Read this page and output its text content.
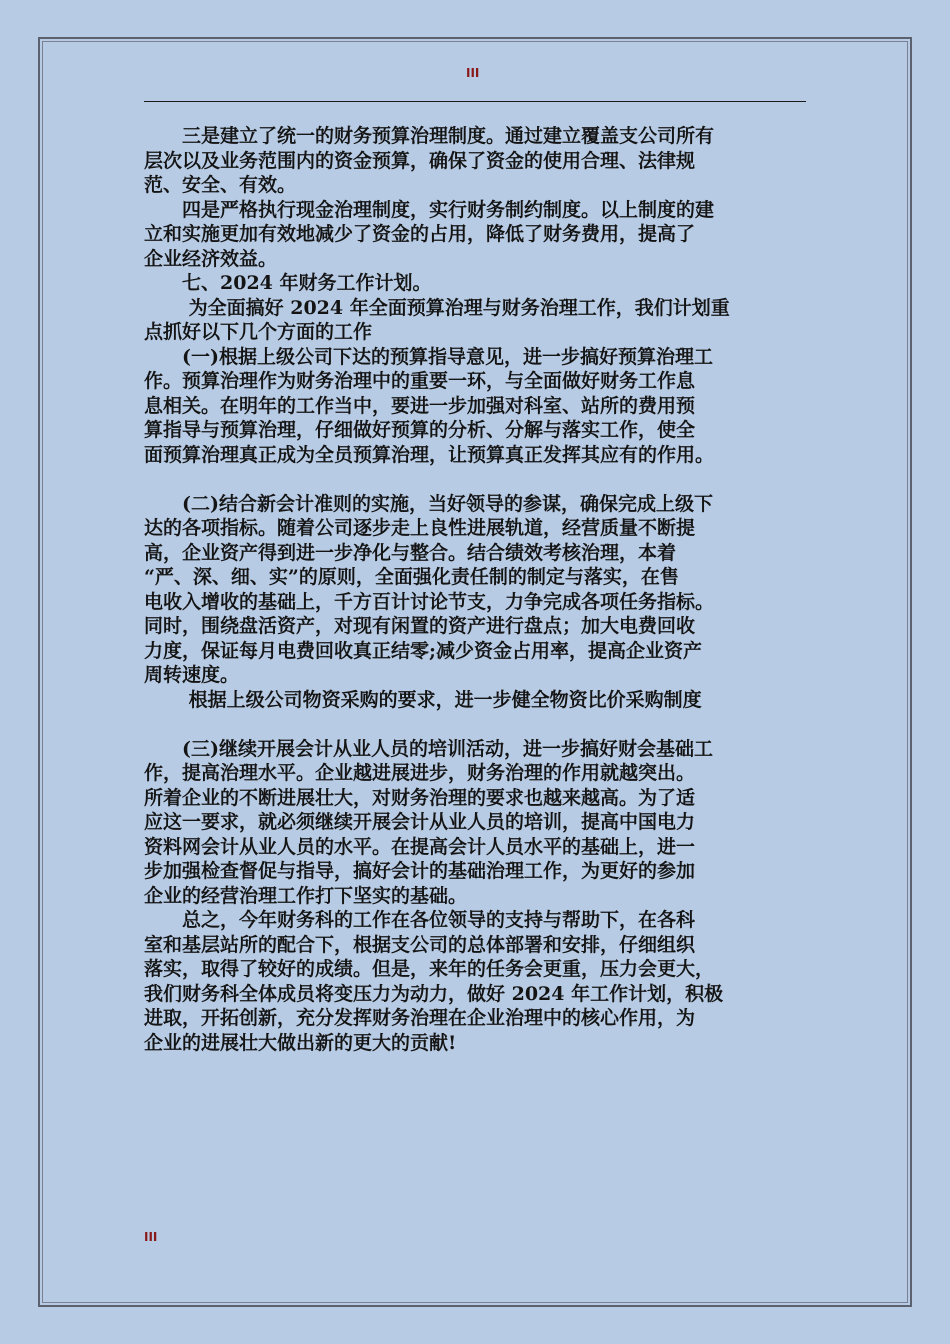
III

　　三是建立了统一的财务预算治理制度。通过建立覆盖支公司所有

层次以及业务范围内的资金预算，确保了资金的使用合理、法律规

范、安全、有效。

　　四是严格执行现金治理制度，实行财务制约制度。以上制度的建

立和实施更加有效地减少了资金的占用，降低了财务费用，提高了

企业经济效益。

　　七、2024 年财务工作计划。

　　 为全面搞好 2024 年全面预算治理与财务治理工作，我们计划重

点抓好以下几个方面的工作

　　(一)根据上级公司下达的预算指导意见，进一步搞好预算治理工

作。预算治理作为财务治理中的重要一环，与全面做好财务工作息

息相关。在明年的工作当中，要进一步加强对科室、站所的费用预

算指导与预算治理，仔细做好预算的分析、分解与落实工作，使全

面预算治理真正成为全员预算治理，让预算真正发挥其应有的作用。

　　(二)结合新会计准则的实施，当好领导的参谋，确保完成上级下

达的各项指标。随着公司逐步走上良性进展轨道，经营质量不断提

高，企业资产得到进一步净化与整合。结合绩效考核治理，本着

“严、深、细、实”的原则，全面强化责任制的制定与落实，在售

电收入增收的基础上，千方百计讨论节支，力争完成各项任务指标。

同时，围绕盘活资产，对现有闲置的资产进行盘点；加大电费回收

力度，保证每月电费回收真正结零;减少资金占用率，提高企业资产

周转速度。

　　 根据上级公司物资采购的要求，进一步健全物资比价采购制度

　　(三)继续开展会计从业人员的培训活动，进一步搞好财会基础工

作，提高治理水平。企业越进展进步，财务治理的作用就越突出。

所着企业的不断进展壮大，对财务治理的要求也越来越高。为了适

应这一要求，就必须继续开展会计从业人员的培训，提高中国电力

资料网会计从业人员的水平。在提高会计人员水平的基础上，进一

步加强检查督促与指导，搞好会计的基础治理工作，为更好的参加

企业的经营治理工作打下坚实的基础。

　　总之，今年财务科的工作在各位领导的支持与帮助下，在各科

室和基层站所的配合下，根据支公司的总体部署和安排，仔细组织

落实，取得了较好的成绩。但是，来年的任务会更重，压力会更大，

我们财务科全体成员将变压力为动力，做好 2024 年工作计划，积极

进取，开拓创新，充分发挥财务治理在企业治理中的核心作用，为

企业的进展壮大做出新的更大的贡献!

III
